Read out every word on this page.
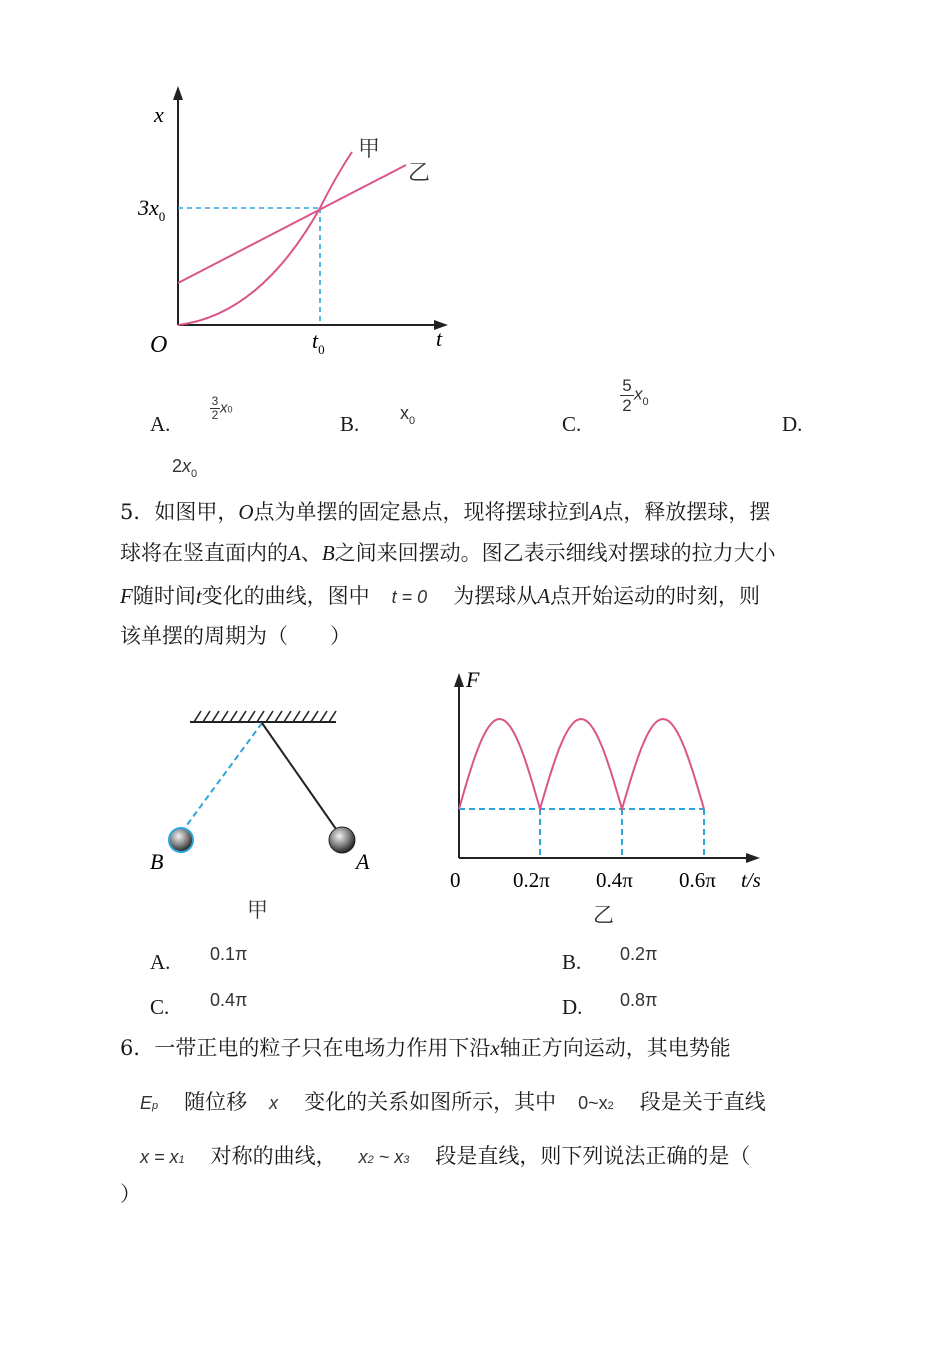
x
t
O
$3x_0$
$t_0$
甲
乙
A.
$\frac{3}{2} x0$
B. $x_0$	C.
$\frac{5}{2} x_0$
D.
$2x_0$
5．如图甲，O点为单摆的固定悬点，现将摆球拉到A点，释放摆球，摆
球将在竖直面内的A、B之间来回摆动。图乙表示细线对摆球的拉力大小
F随时间t变化的曲线，图中 t = 0 为摆球从A点开始运动的时刻，则
该单摆的周期为（　　）
B	A
甲
F
t/s
0	0.2π 0.4π 0.6π
乙
A. 0.1π	B. 0.2π
C. 0.4π	D. 0.8π
6．一带正电的粒子只在电场力作用下沿x轴正方向运动，其电势能
Ep 随位移 x 变化的关系如图所示，其中 0~x2 段是关于直线
x = x1 对称的曲线， x2 ~ x3 段是直线，则下列说法正确的是（
）
